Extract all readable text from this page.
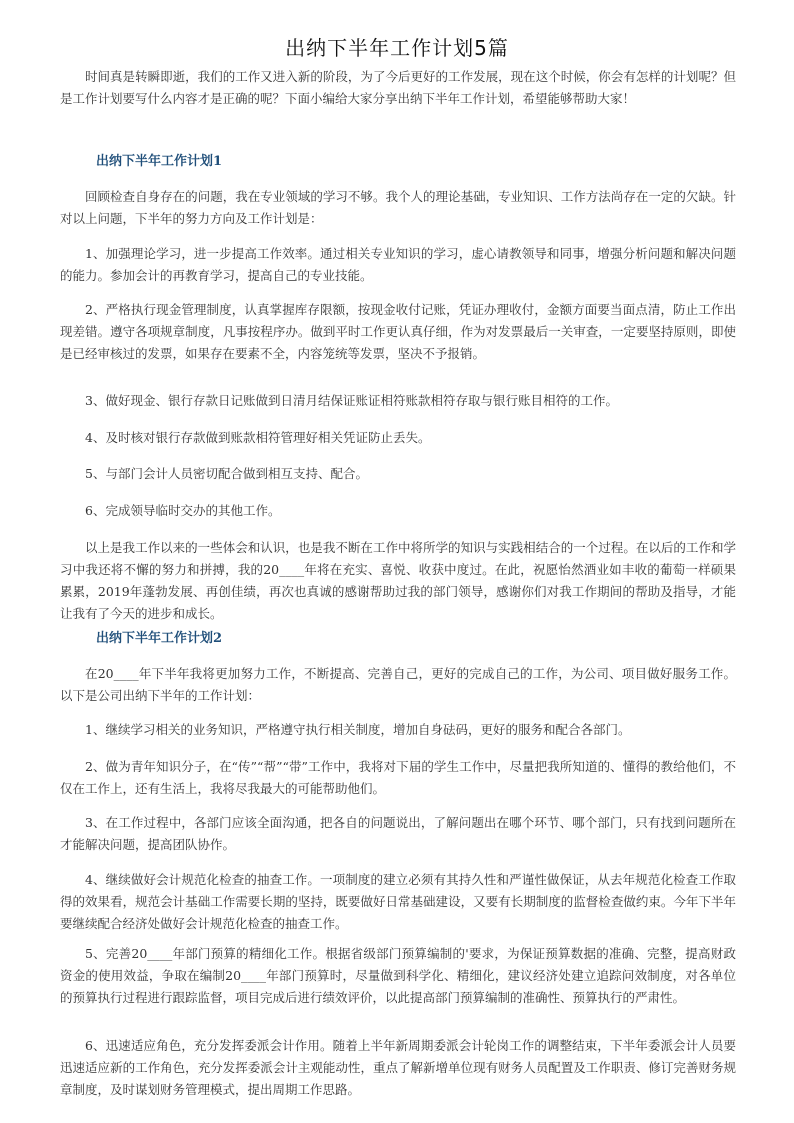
出纳下半年工作计划5篇

时间真是转瞬即逝，我们的工作又进入新的阶段，为了今后更好的工作发展，现在这个时候，你会有怎样的计划呢？但是工作计划要写什么内容才是正确的呢？下面小编给大家分享出纳下半年工作计划，希望能够帮助大家！

出纳下半年工作计划1

回顾检查自身存在的问题，我在专业领域的学习不够。我个人的理论基础，专业知识、工作方法尚存在一定的欠缺。针对以上问题，下半年的努力方向及工作计划是：

1、加强理论学习，进一步提高工作效率。通过相关专业知识的学习，虚心请教领导和同事，增强分析问题和解决问题的能力。参加会计的再教育学习，提高自己的专业技能。

2、严格执行现金管理制度，认真掌握库存限额，按现金收付记账，凭证办理收付，金额方面要当面点清，防止工作出现差错。遵守各项规章制度，凡事按程序办。做到平时工作更认真仔细，作为对发票最后一关审查，一定要坚持原则，即使是已经审核过的发票，如果存在要素不全，内容笼统等发票，坚决不予报销。

3、做好现金、银行存款日记账做到日清月结保证账证相符账款相符存取与银行账目相符的工作。

4、及时核对银行存款做到账款相符管理好相关凭证防止丢失。

5、与部门会计人员密切配合做到相互支持、配合。

6、完成领导临时交办的其他工作。

以上是我工作以来的一些体会和认识，也是我不断在工作中将所学的知识与实践相结合的一个过程。在以后的工作和学习中我还将不懈的努力和拼搏，我的20____年将在充实、喜悦、收获中度过。在此，祝愿怡然酒业如丰收的葡萄一样硕果累累，2019年蓬勃发展、再创佳绩，再次也真诚的感谢帮助过我的部门领导，感谢你们对我工作期间的帮助及指导，才能让我有了今天的进步和成长。

出纳下半年工作计划2

在20____年下半年我将更加努力工作，不断提高、完善自己，更好的完成自己的工作，为公司、项目做好服务工作。以下是公司出纳下半年的工作计划：

1、继续学习相关的业务知识，严格遵守执行相关制度，增加自身砝码，更好的服务和配合各部门。

2、做为青年知识分子，在“传”“帮”“带”工作中，我将对下届的学生工作中，尽量把我所知道的、懂得的教给他们，不仅在工作上，还有生活上，我将尽我最大的可能帮助他们。

3、在工作过程中，各部门应该全面沟通，把各自的问题说出，了解问题出在哪个环节、哪个部门，只有找到问题所在才能解决问题，提高团队协作。

4、继续做好会计规范化检查的抽查工作。一项制度的建立必须有其持久性和严谨性做保证，从去年规范化检查工作取得的效果看，规范会计基础工作需要长期的坚持，既要做好日常基础建设，又要有长期制度的监督检查做约束。今年下半年要继续配合经济处做好会计规范化检查的抽查工作。

5、完善20____年部门预算的精细化工作。根据省级部门预算编制的'要求，为保证预算数据的准确、完整，提高财政资金的使用效益，争取在编制20____年部门预算时，尽量做到科学化、精细化，建议经济处建立追踪问效制度，对各单位的预算执行过程进行跟踪监督，项目完成后进行绩效评价，以此提高部门预算编制的准确性、预算执行的严肃性。

6、迅速适应角色，充分发挥委派会计作用。随着上半年新周期委派会计轮岗工作的调整结束，下半年委派会计人员要迅速适应新的工作角色，充分发挥委派会计主观能动性，重点了解新增单位现有财务人员配置及工作职责、修订完善财务规章制度，及时谋划财务管理模式，提出周期工作思路。
